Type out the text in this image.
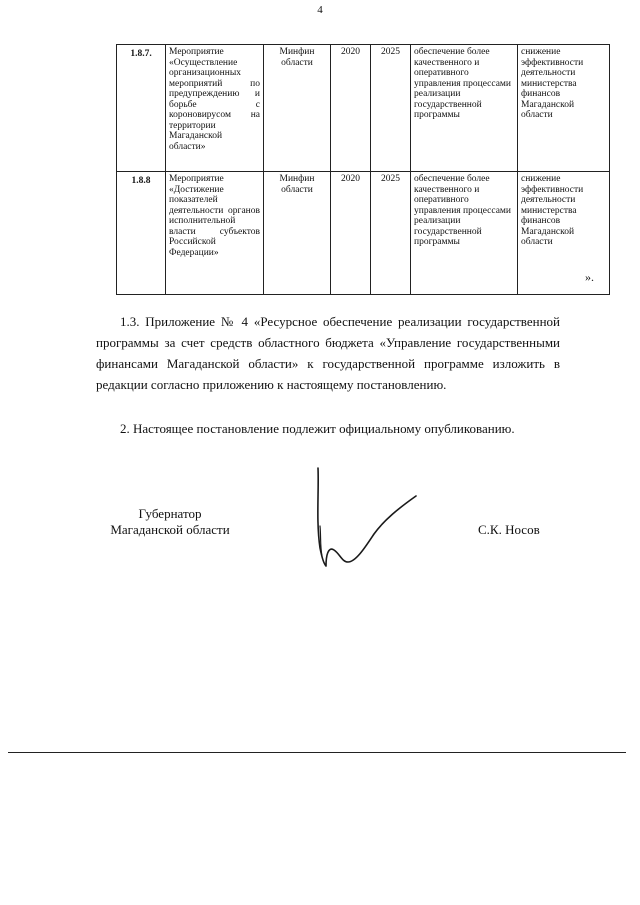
4
1.8.7.	Мероприятие «Осуществление организационных мероприятий по предупреждению и борьбе с короновирусом на территории Магаданской области»	Минфин области	2020	2025	обеспечение более качественного и оперативного управления процессами реализации государственной программы	снижение эффективности деятельности министерства финансов Магаданской области
1.8.8	Мероприятие «Достижение показателей деятельности органов исполнительной власти субъектов Российской Федерации»	Минфин области	2020	2025	обеспечение более качественного и оперативного управления процессами реализации государственной программы	снижение эффективности деятельности министерства финансов Магаданской области
».
1.3. Приложение № 4 «Ресурсное обеспечение реализации государственной программы за счет средств областного бюджета «Управление государственными финансами Магаданской области» к государственной программе изложить в редакции согласно приложению к настоящему постановлению.
2. Настоящее постановление подлежит официальному опубликованию.
Губернатор
Магаданской области	С.К. Носов
